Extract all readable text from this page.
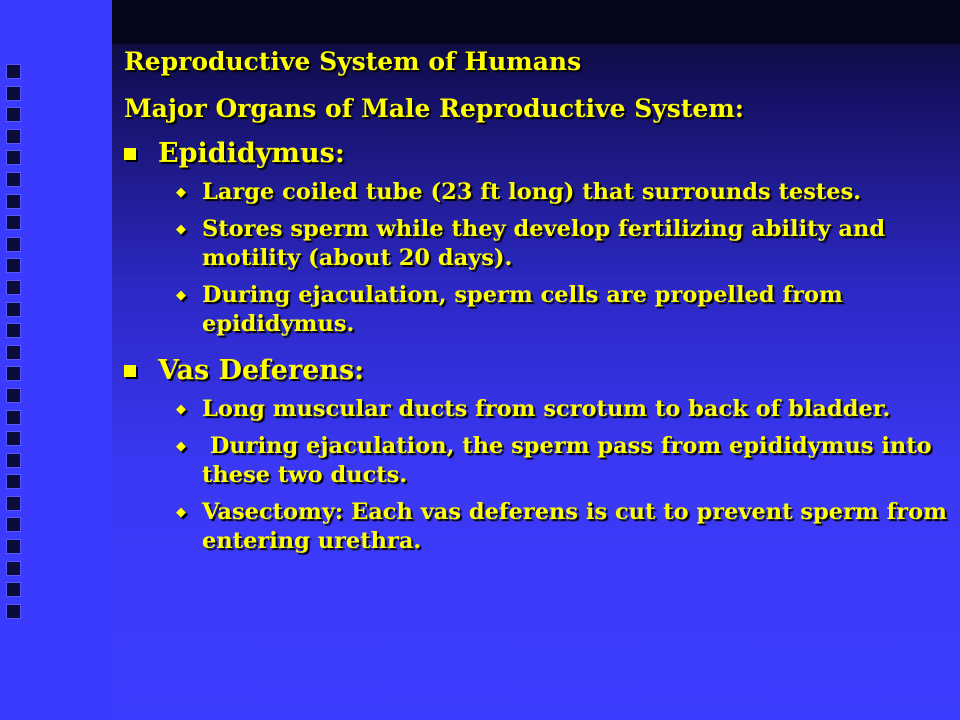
Reproductive System of Humans

Major Organs of Male Reproductive System:

Epididymus:
◆ Large coiled tube (23 ft long) that surrounds testes.
◆ Stores sperm while they develop fertilizing ability and motility (about 20 days).
◆ During ejaculation, sperm cells are propelled from epididymus.
Vas Deferens:
◆ Long muscular ducts from scrotum to back of bladder.
◆ During ejaculation, the sperm pass from epididymus into these two ducts.
◆ Vasectomy: Each vas deferens is cut to prevent sperm from entering urethra.
